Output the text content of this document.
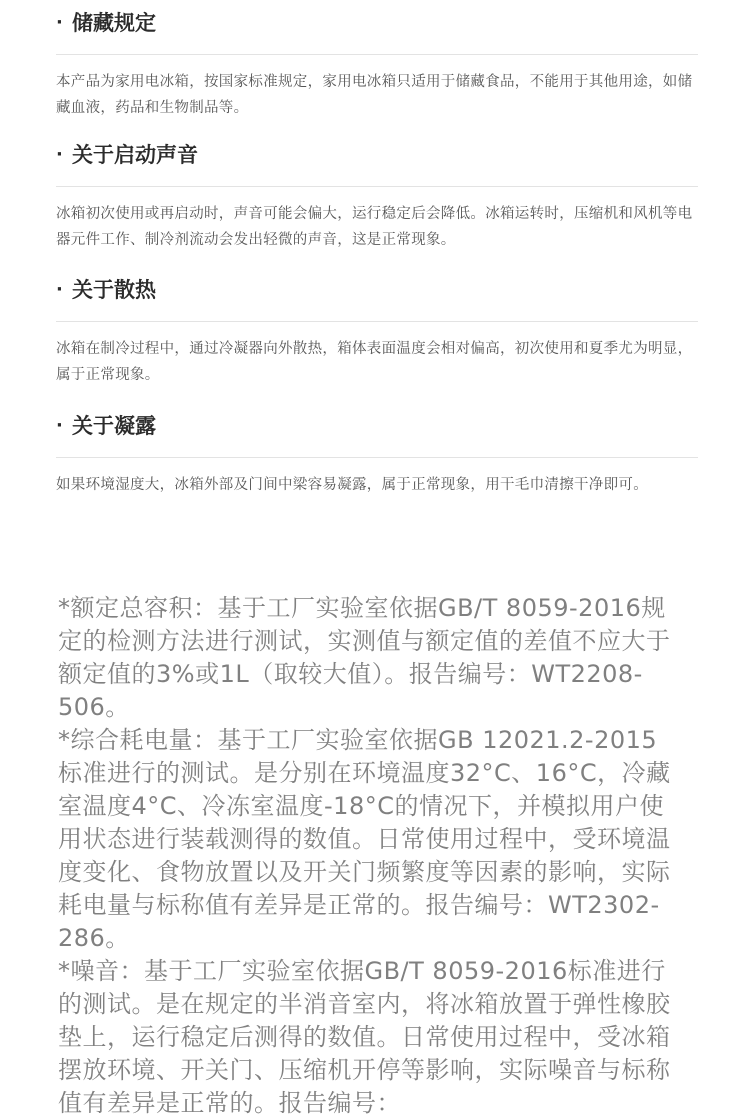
· 储藏规定
本产品为家用电冰箱，按国家标准规定，家用电冰箱只适用于储藏食品，不能用于其他用途，如储藏血液，药品和生物制品等。
· 关于启动声音
冰箱初次使用或再启动时，声音可能会偏大，运行稳定后会降低。冰箱运转时，压缩机和风机等电器元件工作、制冷剂流动会发出轻微的声音，这是正常现象。
· 关于散热
冰箱在制冷过程中，通过冷凝器向外散热，箱体表面温度会相对偏高，初次使用和夏季尤为明显，属于正常现象。
· 关于凝露
如果环境湿度大，冰箱外部及门间中梁容易凝露，属于正常现象，用干毛巾清擦干净即可。
*额定总容积：基于工厂实验室依据GB/T 8059-2016规定的检测方法进行测试，实测值与额定值的差值不应大于额定值的3%或1L（取较大值）。报告编号：WT2208-506。
*综合耗电量：基于工厂实验室依据GB 12021.2-2015标准进行的测试。是分别在环境温度32°C、16°C，冷藏室温度4°C、冷冻室温度-18°C的情况下，并模拟用户使用状态进行装载测得的数值。日常使用过程中，受环境温度变化、食物放置以及开关门频繁度等因素的影响，实际耗电量与标称值有差异是正常的。报告编号：WT2302-286。
*噪音：基于工厂实验室依据GB/T 8059-2016标准进行的测试。是在规定的半消音室内，将冰箱放置于弹性橡胶垫上，运行稳定后测得的数值。日常使用过程中，受冰箱摆放环境、开关门、压缩机开停等影响，实际噪音与标称值有差异是正常的。报告编号：
